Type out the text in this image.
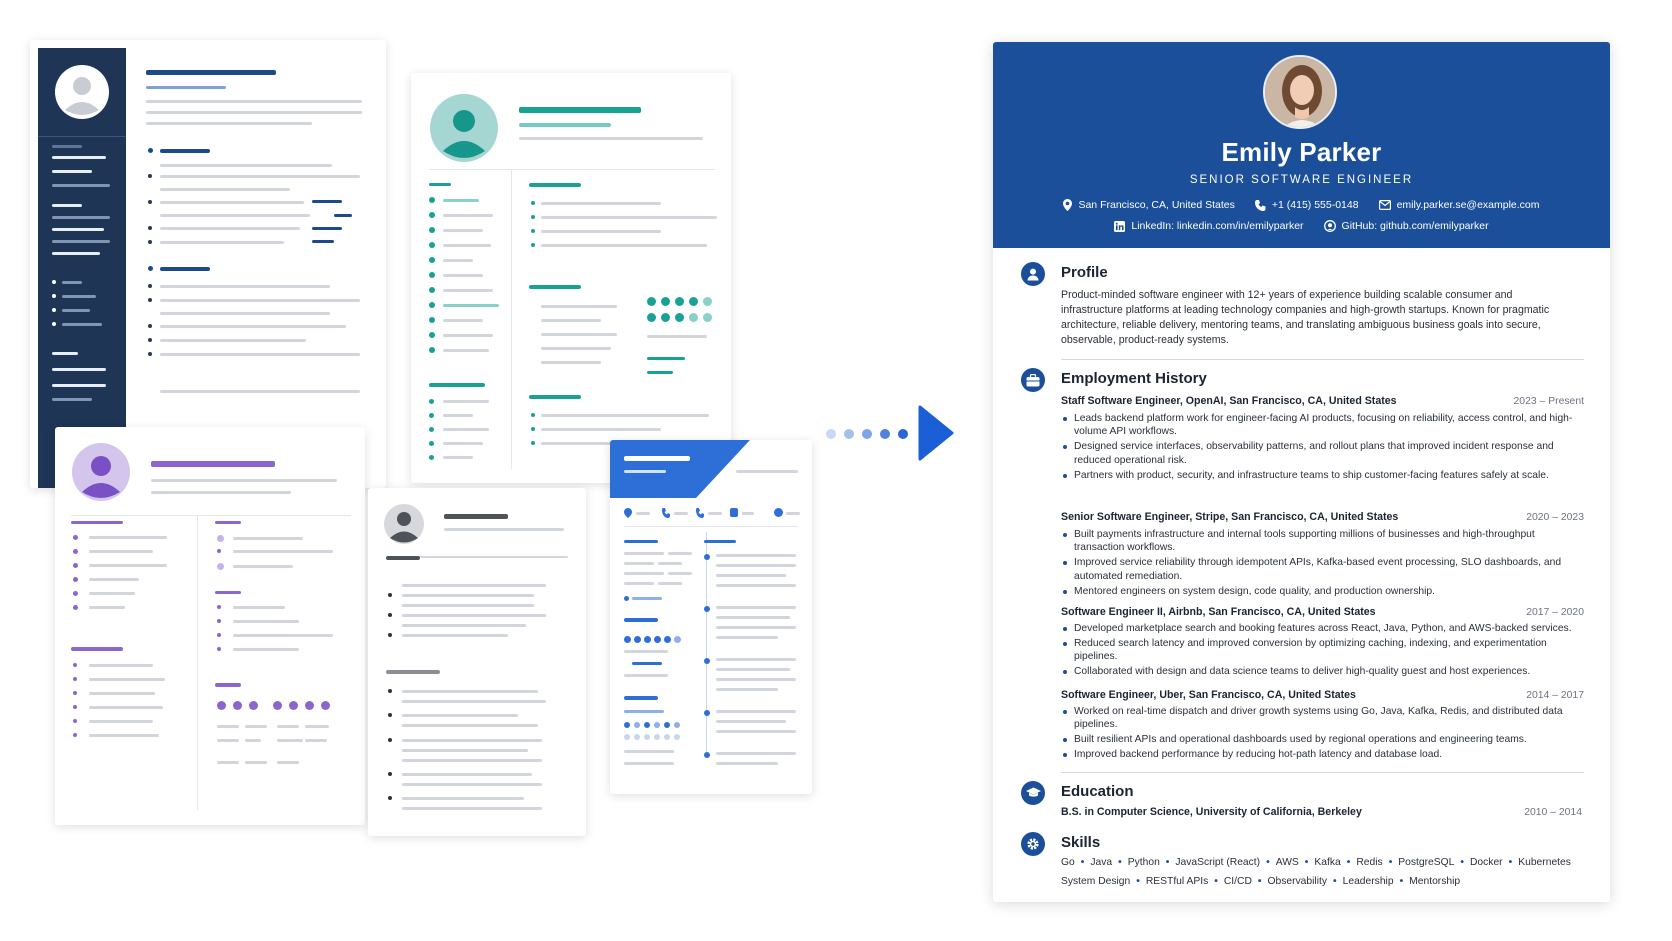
Emily Parker
SENIOR SOFTWARE ENGINEER
San Francisco, CA, United States	+1 (415) 555-0148	emily.parker.se@example.com
LinkedIn: linkedin.com/in/emilyparker	GitHub: github.com/emilyparker
Profile
Product-minded software engineer with 12+ years of experience building scalable consumer and infrastructure platforms at leading technology companies and high-growth startups. Known for pragmatic architecture, reliable delivery, mentoring teams, and translating ambiguous business goals into secure, observable, product-ready systems.
Employment History
Staff Software Engineer, OpenAI, San Francisco, CA, United States	2023 – Present
Leads backend platform work for engineer-facing AI products, focusing on reliability, access control, and high-volume API workflows.
Designed service interfaces, observability patterns, and rollout plans that improved incident response and reduced operational risk.
Partners with product, security, and infrastructure teams to ship customer-facing features safely at scale.
Senior Software Engineer, Stripe, San Francisco, CA, United States	2020 – 2023
Built payments infrastructure and internal tools supporting millions of businesses and high-throughput transaction workflows.
Improved service reliability through idempotent APIs, Kafka-based event processing, SLO dashboards, and automated remediation.
Mentored engineers on system design, code quality, and production ownership.
Software Engineer II, Airbnb, San Francisco, CA, United States	2017 – 2020
Developed marketplace search and booking features across React, Java, Python, and AWS-backed services.
Reduced search latency and improved conversion by optimizing caching, indexing, and experimentation pipelines.
Collaborated with design and data science teams to deliver high-quality guest and host experiences.
Software Engineer, Uber, San Francisco, CA, United States	2014 – 2017
Worked on real-time dispatch and driver growth systems using Go, Java, Kafka, Redis, and distributed data pipelines.
Built resilient APIs and operational dashboards used by regional operations and engineering teams.
Improved backend performance by reducing hot-path latency and database load.
Education
B.S. in Computer Science, University of California, Berkeley	2010 – 2014
Skills
Go • Java • Python • JavaScript (React) • AWS • Kafka • Redis • PostgreSQL • Docker • Kubernetes
System Design • RESTful APIs • CI/CD • Observability • Leadership • Mentorship
